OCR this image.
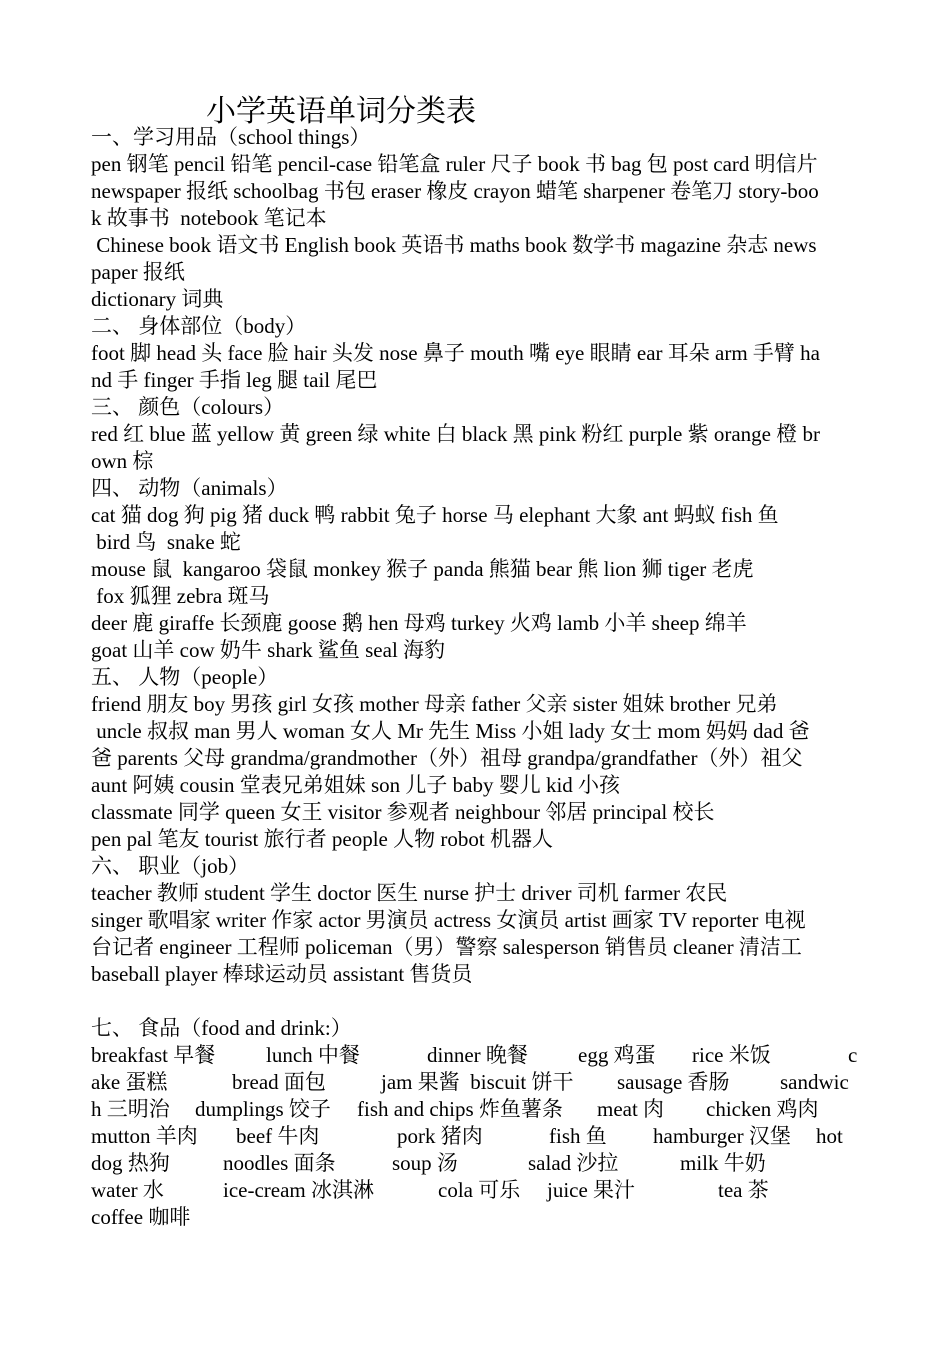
小学英语单词分类表
一、学习用品（school things）
pen 钢笔 pencil 铅笔 pencil-case 铅笔盒 ruler 尺子 book 书 bag 包 post card 明信片
newspaper 报纸 schoolbag 书包 eraser 橡皮 crayon 蜡笔 sharpener 卷笔刀 story-boo
k 故事书  notebook 笔记本
Chinese book 语文书 English book 英语书 maths book 数学书 magazine 杂志 news
paper 报纸
dictionary 词典
二、 身体部位（body）
foot 脚 head 头 face 脸 hair 头发 nose 鼻子 mouth 嘴 eye 眼睛 ear 耳朵 arm 手臂 ha
nd 手 finger 手指 leg 腿 tail 尾巴
三、 颜色（colours）
red 红 blue 蓝 yellow 黄 green 绿 white 白 black 黑 pink 粉红 purple 紫 orange 橙 br
own 棕
四、 动物（animals）
cat 猫 dog 狗 pig 猪 duck 鸭 rabbit 兔子 horse 马 elephant 大象 ant 蚂蚁 fish 鱼
bird 鸟  snake 蛇
mouse 鼠  kangaroo 袋鼠 monkey 猴子 panda 熊猫 bear 熊 lion 狮 tiger 老虎
fox 狐狸 zebra 斑马
deer 鹿 giraffe 长颈鹿 goose 鹅 hen 母鸡 turkey 火鸡 lamb 小羊 sheep 绵羊
goat 山羊 cow 奶牛 shark 鲨鱼 seal 海豹
五、 人物（people）
friend 朋友 boy 男孩 girl 女孩 mother 母亲 father 父亲 sister 姐妹 brother 兄弟
uncle 叔叔 man 男人 woman 女人 Mr 先生 Miss 小姐 lady 女士 mom 妈妈 dad 爸
爸 parents 父母 grandma/grandmother（外）祖母 grandpa/grandfather（外）祖父
aunt 阿姨 cousin 堂表兄弟姐妹 son 儿子 baby 婴儿 kid 小孩
classmate 同学 queen 女王 visitor 参观者 neighbour 邻居 principal 校长
pen pal 笔友 tourist 旅行者 people 人物 robot 机器人
六、 职业（job）
teacher 教师 student 学生 doctor 医生 nurse 护士 driver 司机 farmer 农民
singer 歌唱家 writer 作家 actor 男演员 actress 女演员 artist 画家 TV reporter 电视
台记者 engineer 工程师 policeman（男）警察 salesperson 销售员 cleaner 清洁工
baseball player 棒球运动员 assistant 售货员
七、 食品（food and drink:）

breakfast 早餐

lunch 中餐

	dinner 晚餐

egg 鸡蛋

rice 米饭

	c

ake 蛋糕

	bread 面包

	jam 果酱  biscuit 饼干

sausage 香肠

sandwic

h 三明治

dumplings 饺子

fish and chips 炸鱼薯条

meat 肉

chicken 鸡肉

mutton 羊肉

beef 牛肉

	pork 猪肉

	fish 鱼

hamburger 汉堡

hot

dog 热狗

	noodles 面条

	soup 汤

	salad 沙拉

	milk 牛奶

water 水

	ice-cream 冰淇淋

	cola 可乐

juice 果汁

	tea 茶

coffee 咖啡
